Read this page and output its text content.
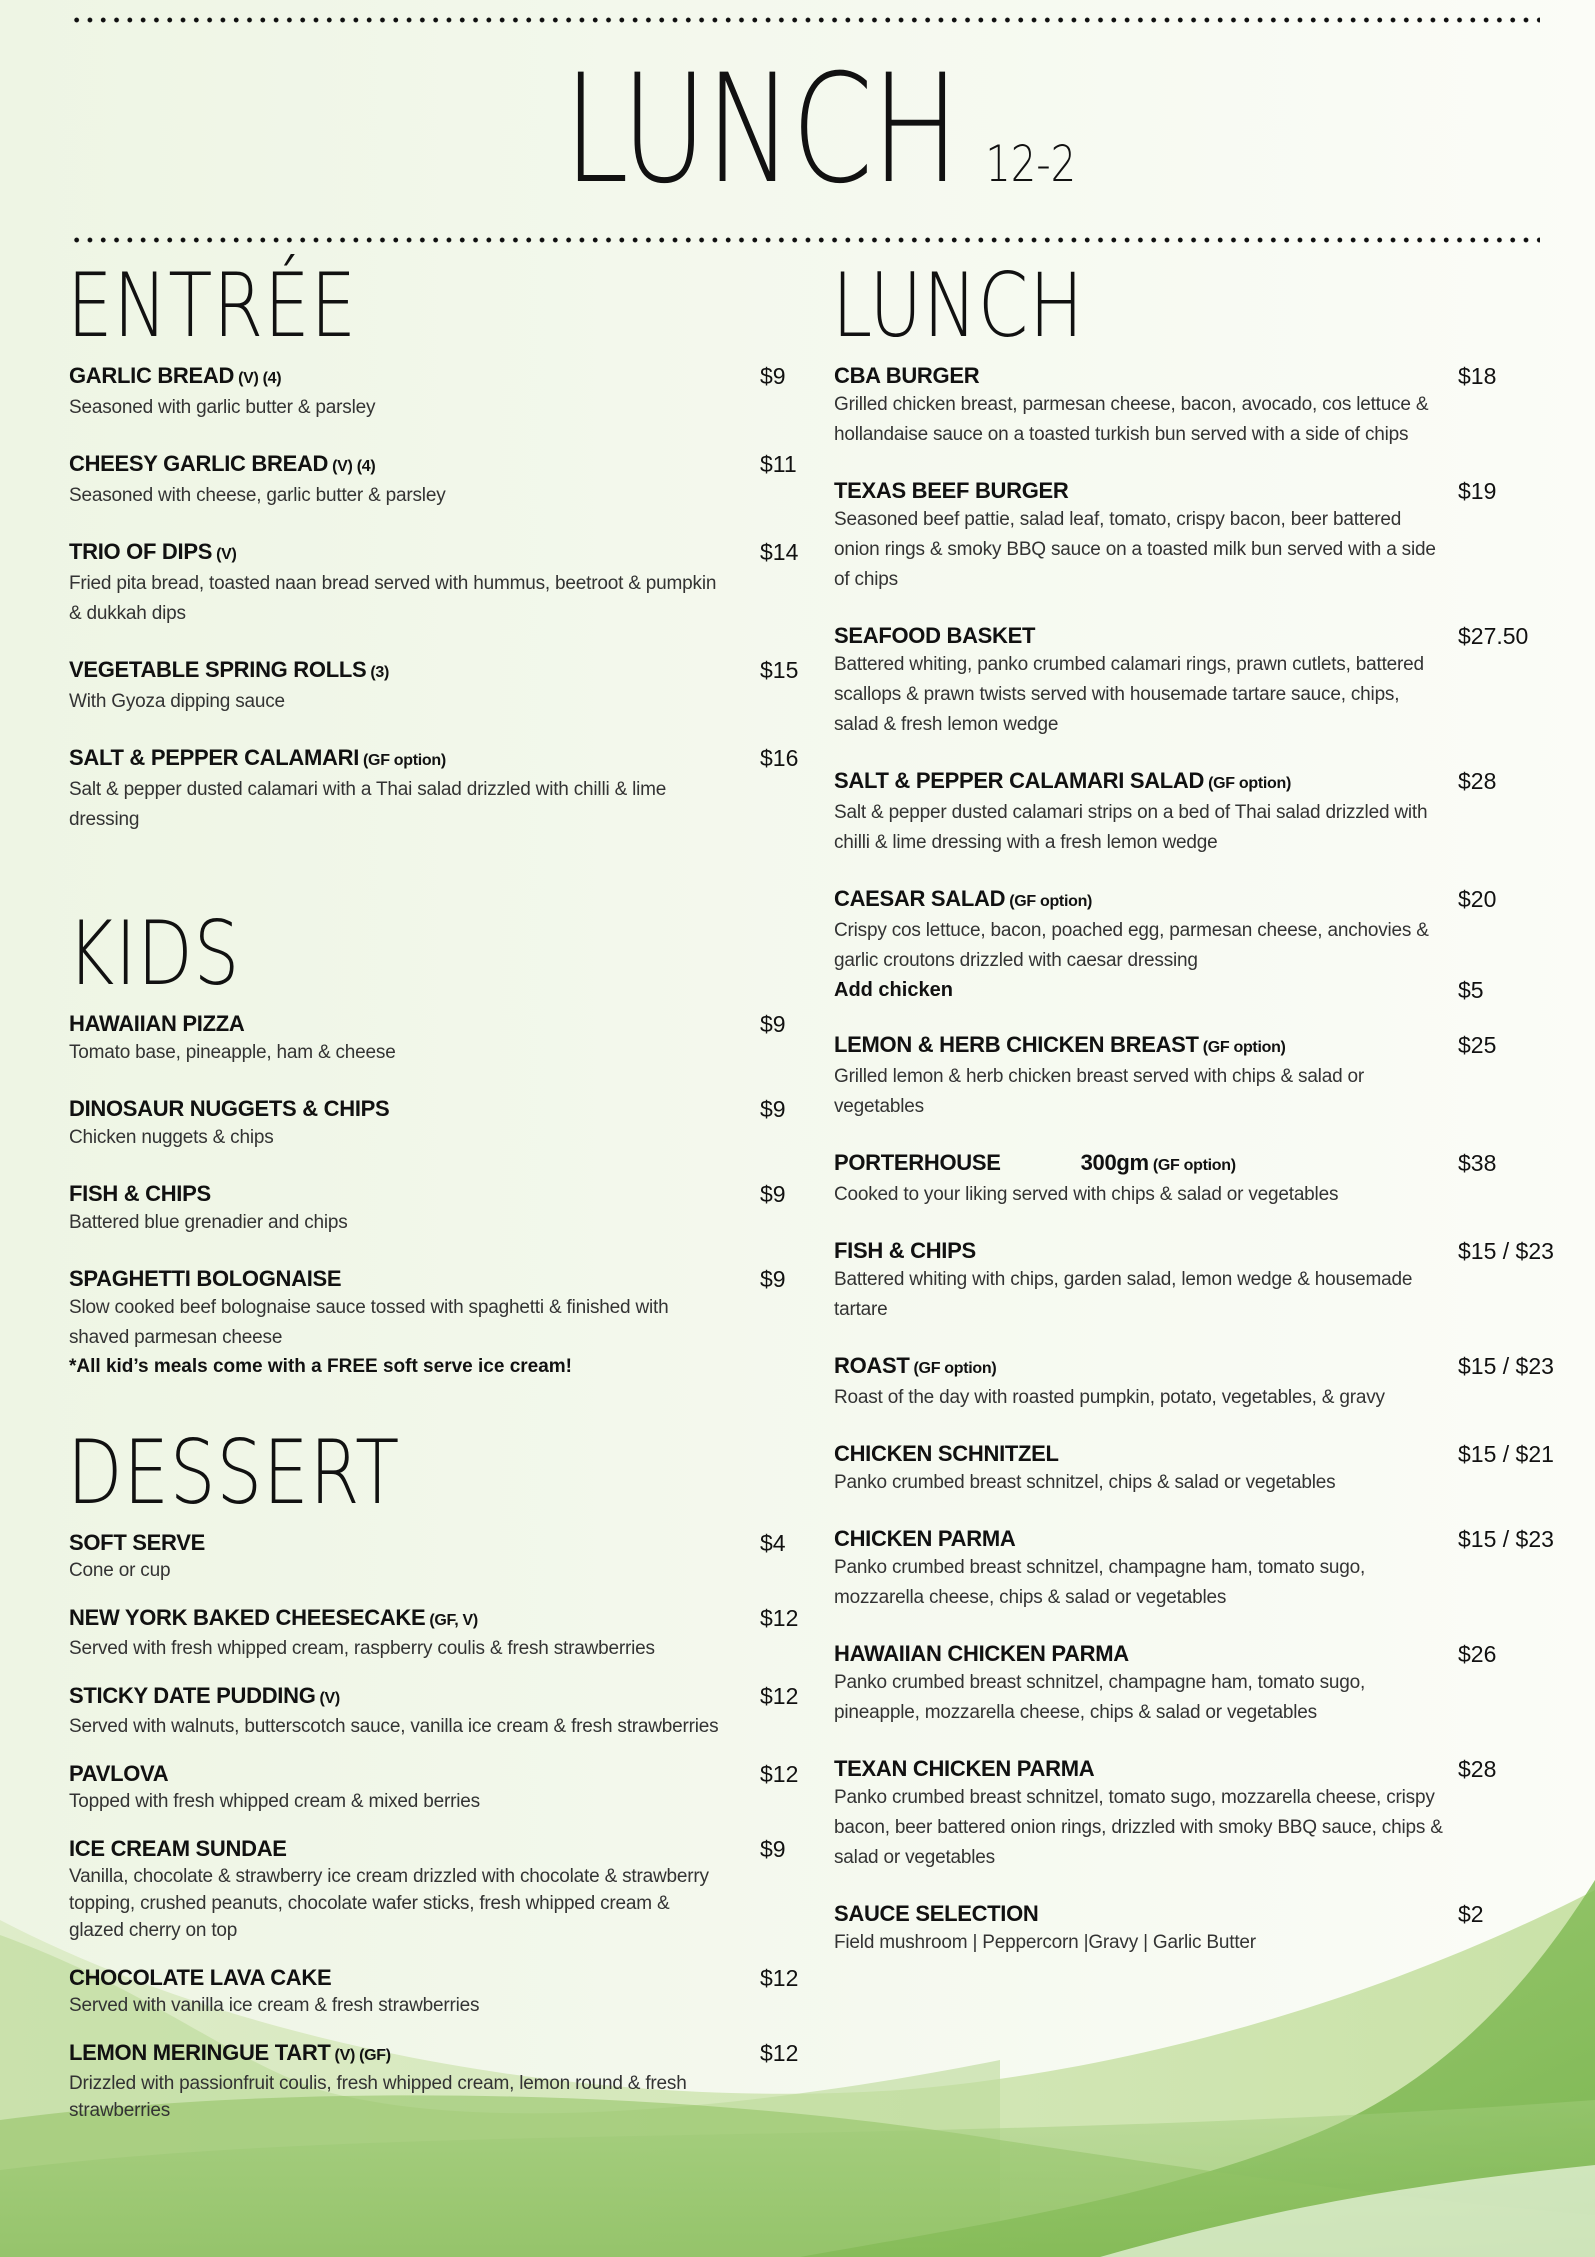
LUNCH 12-2
ENTRÉE
GARLIC BREAD (V) (4)	$9
Seasoned with garlic butter & parsley
CHEESY GARLIC BREAD (V) (4)	$11
Seasoned with cheese, garlic butter & parsley
TRIO OF DIPS (V)	$14
Fried pita bread, toasted naan bread served with hummus, beetroot & pumpkin & dukkah dips
VEGETABLE SPRING ROLLS (3)	$15
With Gyoza dipping sauce
SALT & PEPPER CALAMARI (GF option)	$16
Salt & pepper dusted calamari with a Thai salad drizzled with chilli & lime dressing
KIDS
HAWAIIAN PIZZA	$9
Tomato base, pineapple, ham & cheese
DINOSAUR NUGGETS & CHIPS	$9
Chicken nuggets & chips
FISH & CHIPS	$9
Battered blue grenadier and chips
SPAGHETTI BOLOGNAISE	$9
Slow cooked beef bolognaise sauce tossed with spaghetti & finished with shaved parmesan cheese
*All kid’s meals come with a FREE soft serve ice cream!
DESSERT
SOFT SERVE	$4
Cone or cup
NEW YORK BAKED CHEESECAKE (GF, V)	$12
Served with fresh whipped cream, raspberry coulis & fresh strawberries
STICKY DATE PUDDING (V)	$12
Served with walnuts, butterscotch sauce, vanilla ice cream & fresh strawberries
PAVLOVA	$12
Topped with fresh whipped cream & mixed berries
ICE CREAM SUNDAE	$9
Vanilla, chocolate & strawberry ice cream drizzled with chocolate & strawberry topping, crushed peanuts, chocolate wafer sticks, fresh whipped cream & glazed cherry on top
CHOCOLATE LAVA CAKE	$12
Served with vanilla ice cream & fresh strawberries
LEMON MERINGUE TART (V) (GF)	$12
Drizzled with passionfruit coulis, fresh whipped cream, lemon round & fresh strawberries
LUNCH
CBA BURGER	$18
Grilled chicken breast, parmesan cheese, bacon, avocado, cos lettuce & hollandaise sauce on a toasted turkish bun served with a side of chips
TEXAS BEEF BURGER	$19
Seasoned beef pattie, salad leaf, tomato, crispy bacon, beer battered onion rings & smoky BBQ sauce on a toasted milk bun served with a side of chips
SEAFOOD BASKET	$27.50
Battered whiting, panko crumbed calamari rings, prawn cutlets, battered scallops & prawn twists served with housemade tartare sauce, chips, salad & fresh lemon wedge
SALT & PEPPER CALAMARI SALAD (GF option)	$28
Salt & pepper dusted calamari strips on a bed of Thai salad drizzled with chilli & lime dressing with a fresh lemon wedge
CAESAR SALAD (GF option)	$20
Crispy cos lettuce, bacon, poached egg, parmesan cheese, anchovies & garlic croutons drizzled with caesar dressing
Add chicken	$5
LEMON & HERB CHICKEN BREAST (GF option)	$25
Grilled lemon & herb chicken breast served with chips & salad or vegetables
PORTERHOUSE	300gm (GF option)	$38
Cooked to your liking served with chips & salad or vegetables
FISH & CHIPS	$15 / $23
Battered whiting with chips, garden salad, lemon wedge & housemade tartare
ROAST (GF option)	$15 / $23
Roast of the day with roasted pumpkin, potato, vegetables, & gravy
CHICKEN SCHNITZEL	$15 / $21
Panko crumbed breast schnitzel, chips & salad or vegetables
CHICKEN PARMA	$15 / $23
Panko crumbed breast schnitzel, champagne ham, tomato sugo, mozzarella cheese, chips & salad or vegetables
HAWAIIAN CHICKEN PARMA	$26
Panko crumbed breast schnitzel, champagne ham, tomato sugo, pineapple, mozzarella cheese, chips & salad or vegetables
TEXAN CHICKEN PARMA	$28
Panko crumbed breast schnitzel, tomato sugo, mozzarella cheese, crispy bacon, beer battered onion rings, drizzled with smoky BBQ sauce, chips & salad or vegetables
SAUCE SELECTION	$2
Field mushroom | Peppercorn |Gravy | Garlic Butter
